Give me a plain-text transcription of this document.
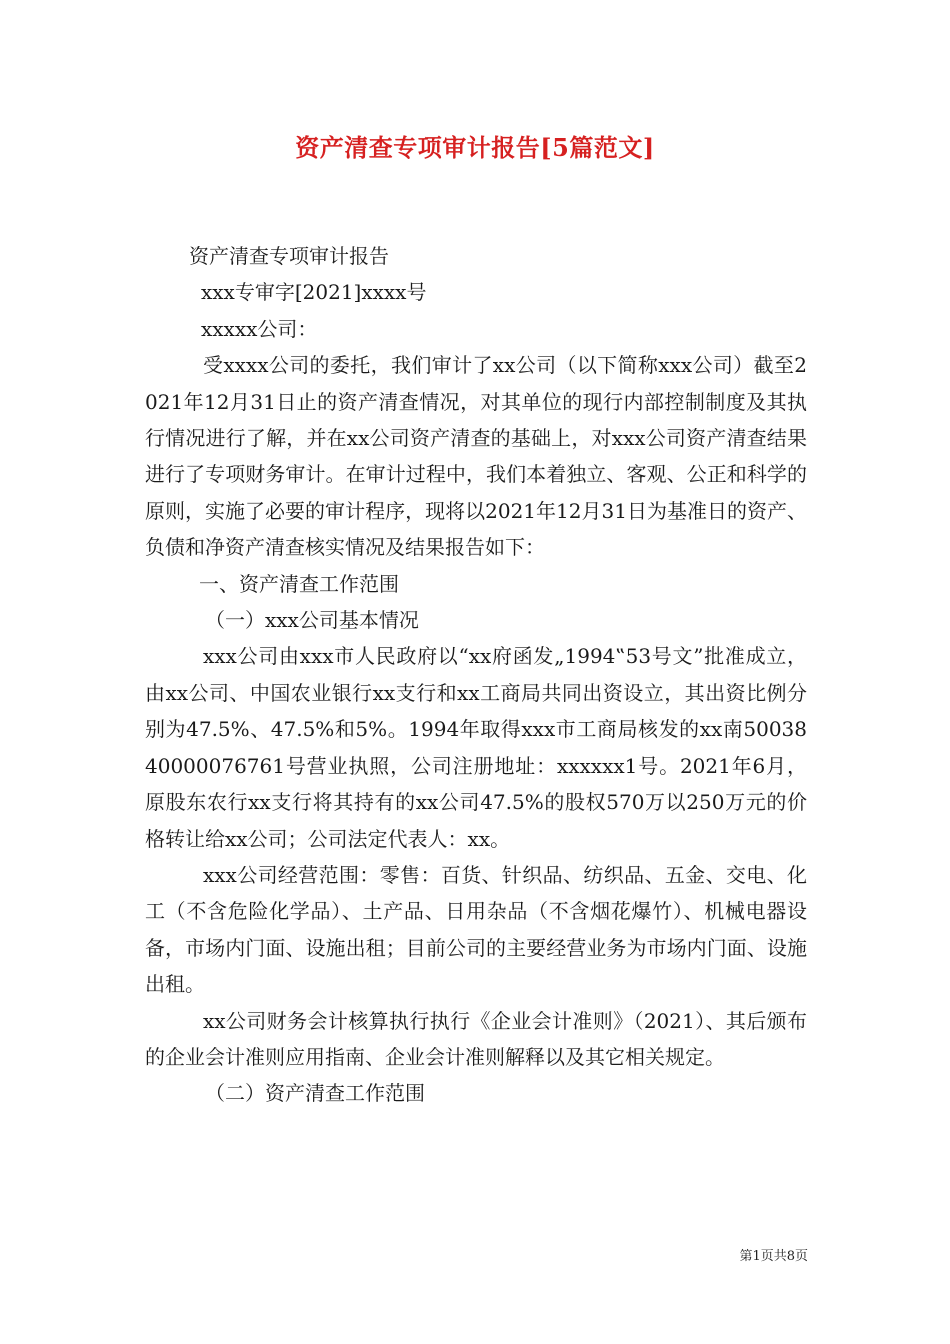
资产清查专项审计报告[5篇范文]

资产清查专项审计报告

xxx专审字[2021]xxxx号

xxxxx公司：

受xxxx公司的委托，我们审计了xx公司（以下简称xxx公司）截至2021年12月31日止的资产清查情况，对其单位的现行内部控制制度及其执行情况进行了解，并在xx公司资产清查的基础上，对xxx公司资产清查结果进行了专项财务审计。在审计过程中，我们本着独立、客观、公正和科学的原则，实施了必要的审计程序，现将以2021年12月31日为基准日的资产、负债和净资产清查核实情况及结果报告如下：

一、资产清查工作范围

（一）xxx公司基本情况

xxx公司由xxx市人民政府以“xx府函发„1994‟53号文”批准成立，由xx公司、中国农业银行xx支行和xx工商局共同出资设立，其出资比例分别为47.5%、47.5%和5%。1994年取得xxx市工商局核发的xx南5003840000076761号营业执照，公司注册地址：xxxxxx1号。2021年6月，原股东农行xx支行将其持有的xx公司47.5%的股权570万以250万元的价格转让给xx公司；公司法定代表人：xx。

xxx公司经营范围：零售：百货、针织品、纺织品、五金、交电、化工（不含危险化学品）、土产品、日用杂品（不含烟花爆竹）、机械电器设备，市场内门面、设施出租；目前公司的主要经营业务为市场内门面、设施出租。

xx公司财务会计核算执行执行《企业会计准则》（2021）、其后颁布的企业会计准则应用指南、企业会计准则解释以及其它相关规定。

（二）资产清查工作范围

第1页共8页
